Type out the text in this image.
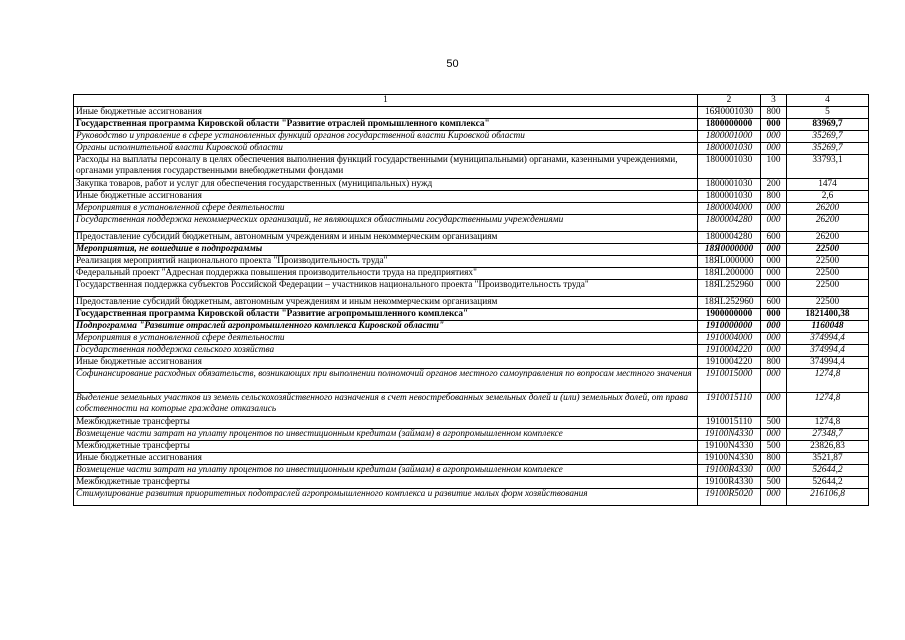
50
1	2	3	4
Иные бюджетные ассигнования	16Я0001030	800	5
Государственная программа Кировской области "Развитие отраслей промышленного комплекса"	1800000000	000	83969,7
Руководство и управление в сфере установленных функций органов государственной власти Кировской области	1800001000	000	35269,7
Органы исполнительной власти Кировской области	1800001030	000	35269,7
Расходы на выплаты персоналу в целях обеспечения выполнения функций государственными (муниципальными) органами, казенными учреждениями, органами управления государственными внебюджетными фондами	1800001030	100	33793,1
Закупка товаров, работ и услуг для обеспечения государственных (муниципальных) нужд	1800001030	200	1474
Иные бюджетные ассигнования	1800001030	800	2,6
Мероприятия в установленной сфере деятельности	1800004000	000	26200
Государственная поддержка некоммерческих организаций, не являющихся областными государственными учреждениями	1800004280	000	26200
Предоставление субсидий бюджетным, автономным учреждениям и иным некоммерческим организациям	1800004280	600	26200
Мероприятия, не вошедшие в подпрограммы	18Я0000000	000	22500
Реализация мероприятий национального проекта "Производительность труда"	18ЯL000000	000	22500
Федеральный проект "Адресная поддержка повышения производительности труда на предприятиях"	18ЯL200000	000	22500
Государственная поддержка субъектов Российской Федерации – участников национального проекта "Производительность труда"	18ЯL252960	000	22500
Предоставление субсидий бюджетным, автономным учреждениям и иным некоммерческим организациям	18ЯL252960	600	22500
Государственная программа Кировской области "Развитие агропромышленного комплекса"	1900000000	000	1821400,38
Подпрограмма "Развитие отраслей агропромышленного комплекса Кировской области"	1910000000	000	1160048
Мероприятия в установленной сфере деятельности	1910004000	000	374994,4
Государственная поддержка сельского хозяйства	1910004220	000	374994,4
Иные бюджетные ассигнования	1910004220	800	374994,4
Софинансирование расходных обязательств, возникающих при выполнении полномочий органов местного самоуправления по вопросам местного значения	1910015000	000	1274,8
Выделение земельных участков из земель сельскохозяйственного назначения в счет невостребованных земельных долей и (или) земельных долей, от права собственности на которые граждане отказались	1910015110	000	1274,8
Межбюджетные трансферты	1910015110	500	1274,8
Возмещение части затрат на уплату процентов по инвестиционным кредитам (займам) в агропромышленном комплексе	19100N4330	000	27348,7
Межбюджетные трансферты	19100N4330	500	23826,83
Иные бюджетные ассигнования	19100N4330	800	3521,87
Возмещение части затрат на уплату процентов по инвестиционным кредитам (займам) в агропромышленном комплексе	19100R4330	000	52644,2
Межбюджетные трансферты	19100R4330	500	52644,2
Стимулирование развития приоритетных подотраслей агропромышленного комплекса и развитие малых форм хозяйствования	19100R5020	000	216106,8
